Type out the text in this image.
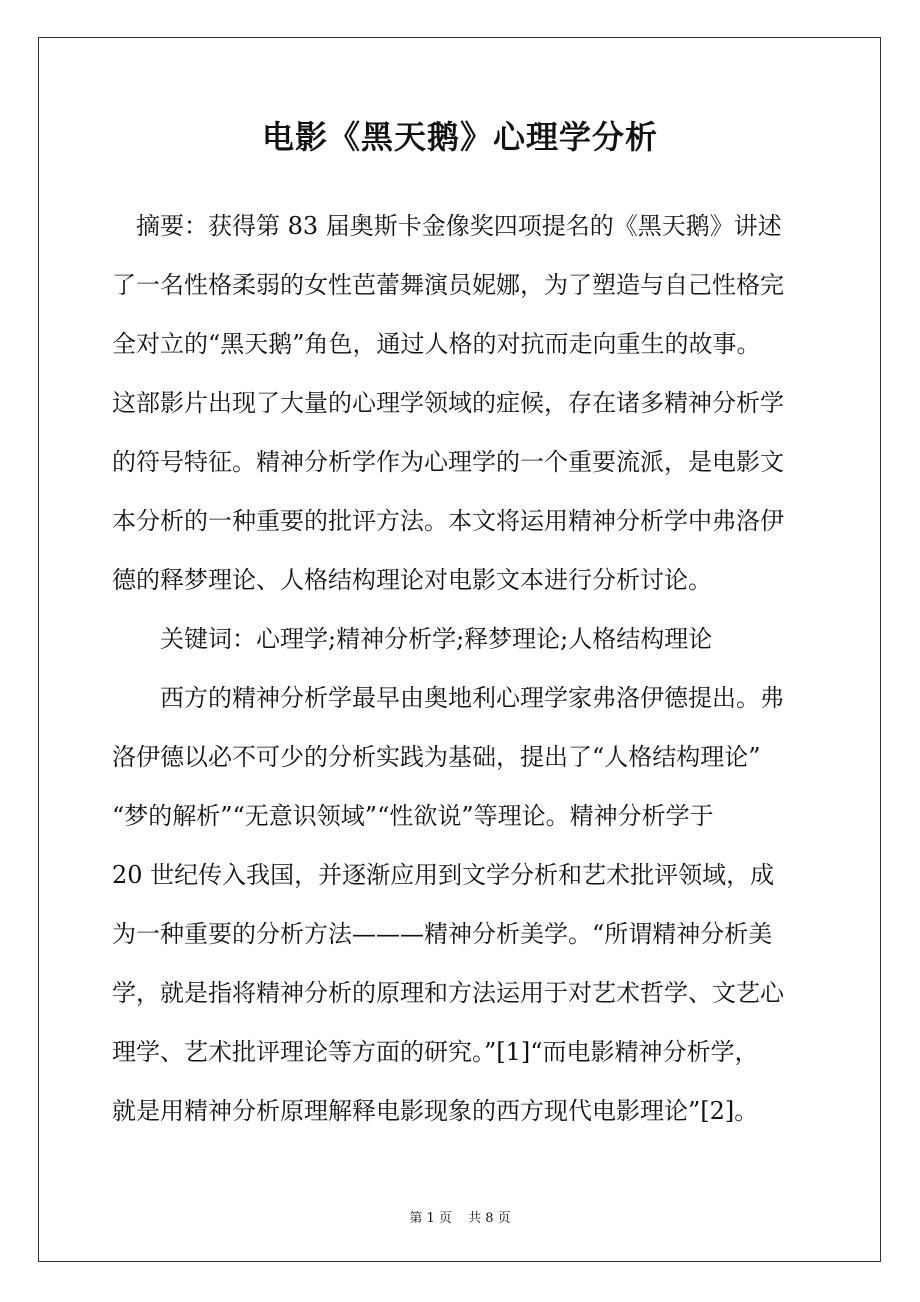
电影《黑天鹅》心理学分析

摘要：获得第 83 届奥斯卡金像奖四项提名的《黑天鹅》讲述
了一名性格柔弱的女性芭蕾舞演员妮娜，为了塑造与自己性格完
全对立的“黑天鹅”角色，通过人格的对抗而走向重生的故事。
这部影片出现了大量的心理学领域的症候，存在诸多精神分析学
的符号特征。精神分析学作为心理学的一个重要流派，是电影文
本分析的一种重要的批评方法。本文将运用精神分析学中弗洛伊
德的释梦理论、人格结构理论对电影文本进行分析讨论。

关键词：心理学;精神分析学;释梦理论;人格结构理论

西方的精神分析学最早由奥地利心理学家弗洛伊德提出。弗
洛伊德以必不可少的分析实践为基础，提出了“人格结构理论”
“梦的解析”“无意识领域”“性欲说”等理论。精神分析学于
20 世纪传入我国，并逐渐应用到文学分析和艺术批评领域，成
为一种重要的分析方法———精神分析美学。“所谓精神分析美
学，就是指将精神分析的原理和方法运用于对艺术哲学、文艺心
理学、艺术批评理论等方面的研究。”[1]“而电影精神分析学，
就是用精神分析原理解释电影现象的西方现代电影理论”[2]。

第 1 页 共 8 页
